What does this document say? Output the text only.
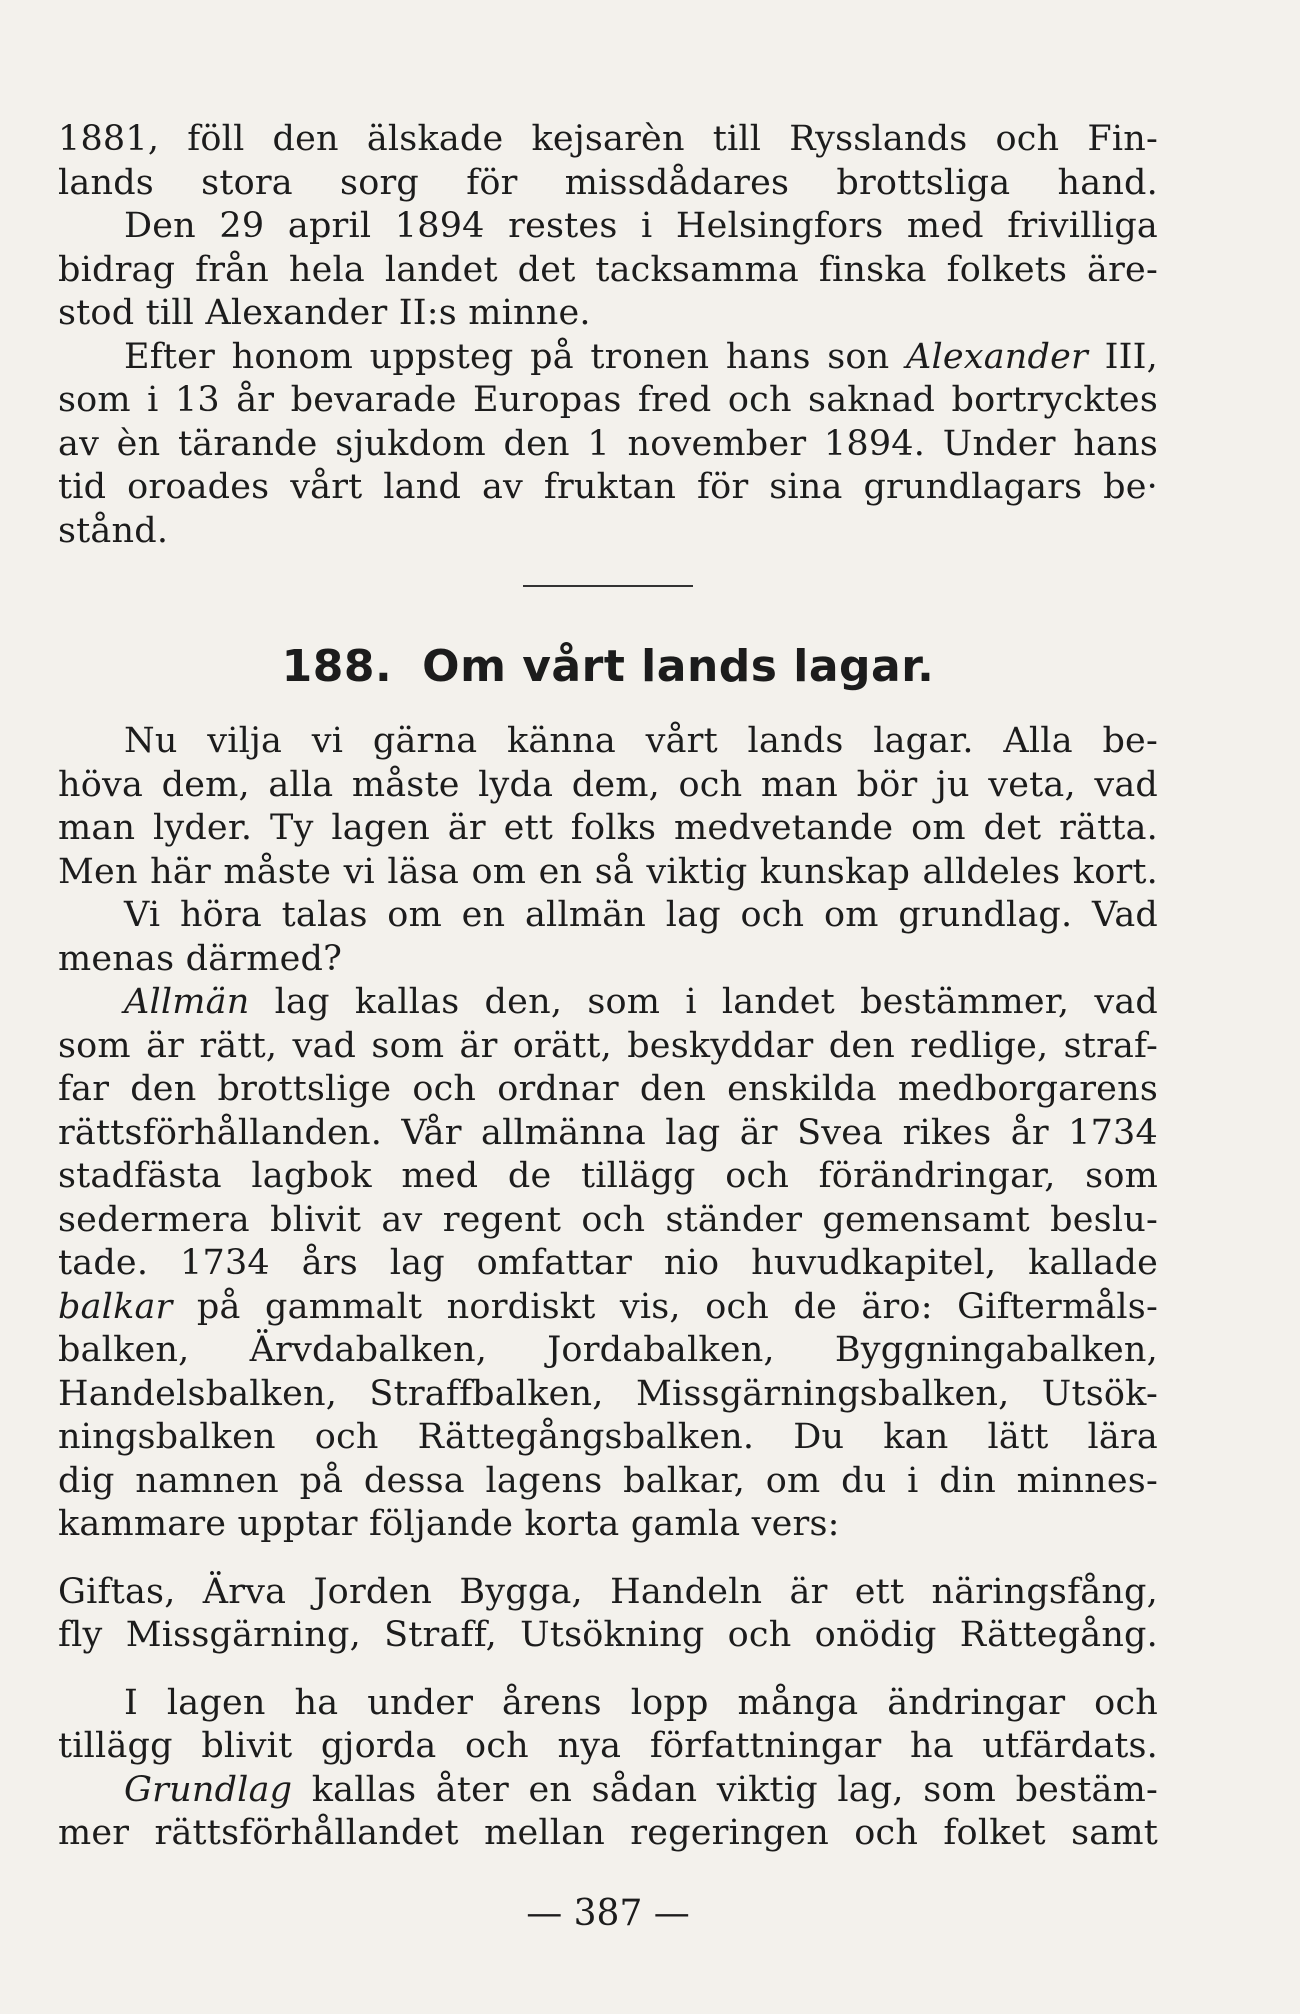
1881, föll den älskade kejsarèn till Rysslands och Fin-
lands stora sorg för missdådares brottsliga hand.
Den 29 april 1894 restes i Helsingfors med frivilliga
bidrag från hela landet det tacksamma finska folkets äre-
stod till Alexander II:s minne.
Efter honom uppsteg på tronen hans son Alexander III,
som i 13 år bevarade Europas fred och saknad bortrycktes
av èn tärande sjukdom den 1 november 1894. Under hans
tid oroades vårt land av fruktan för sina grundlagars be·
stånd.
188. Om vårt lands lagar.
Nu vilja vi gärna känna vårt lands lagar. Alla be-
höva dem, alla måste lyda dem, och man bör ju veta, vad
man lyder. Ty lagen är ett folks medvetande om det rätta.
Men här måste vi läsa om en så viktig kunskap alldeles kort.
Vi höra talas om en allmän lag och om grundlag. Vad
menas därmed?
Allmän lag kallas den, som i landet bestämmer, vad
som är rätt, vad som är orätt, beskyddar den redlige, straf-
far den brottslige och ordnar den enskilda medborgarens
rättsförhållanden. Vår allmänna lag är Svea rikes år 1734
stadfästa lagbok med de tillägg och förändringar, som
sedermera blivit av regent och ständer gemensamt beslu-
tade. 1734 års lag omfattar nio huvudkapitel, kallade
balkar på gammalt nordiskt vis, och de äro: Giftermåls-
balken, Ärvdabalken, Jordabalken, Byggningabalken,
Handelsbalken, Straffbalken, Missgärningsbalken, Utsök-
ningsbalken och Rättegångsbalken. Du kan lätt lära
dig namnen på dessa lagens balkar, om du i din minnes-
kammare upptar följande korta gamla vers:
Giftas, Ärva Jorden Bygga, Handeln är ett näringsfång,
fly Missgärning, Straff, Utsökning och onödig Rättegång.
I lagen ha under årens lopp många ändringar och
tillägg blivit gjorda och nya författningar ha utfärdats.
Grundlag kallas åter en sådan viktig lag, som bestäm-
mer rättsförhållandet mellan regeringen och folket samt
— 387 —
